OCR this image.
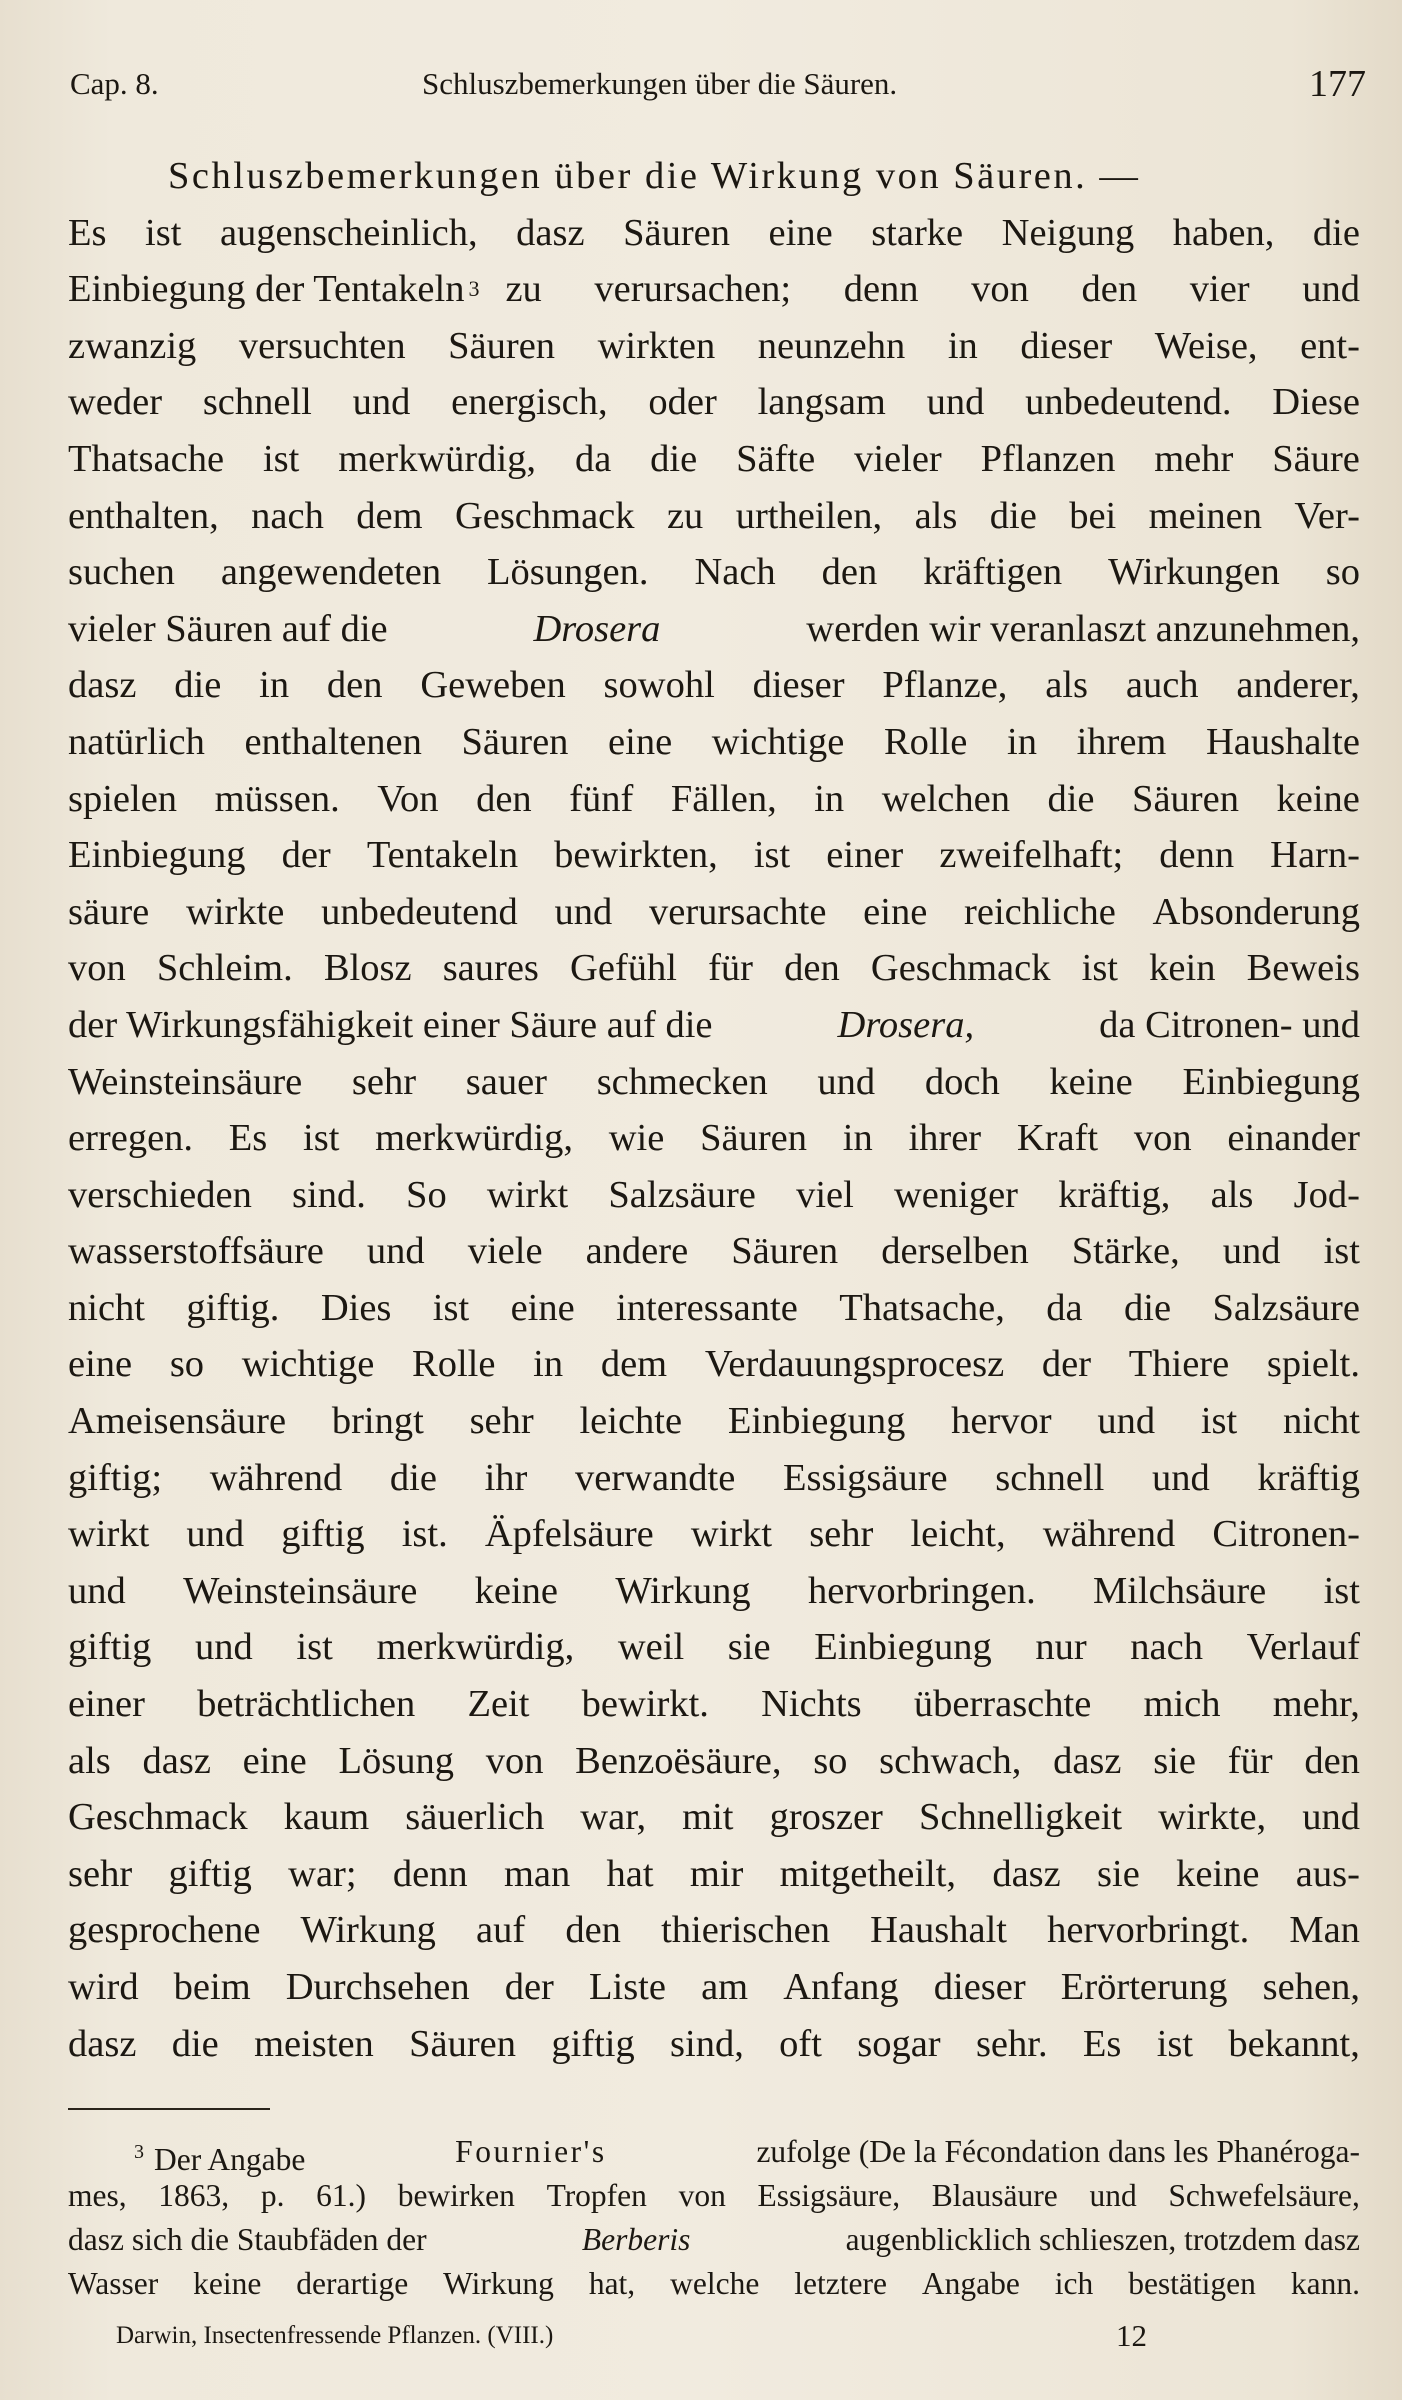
Cap. 8.	Schluszbemerkungen über die Säuren.	177
Schluszbemerkungen über die Wirkung von Säuren. —
Es ist augenscheinlich, dasz Säuren eine starke Neigung haben, die
Einbiegung der Tentakeln 3 zu verursachen; denn von den vier und
zwanzig versuchten Säuren wirkten neunzehn in dieser Weise, ent-
weder schnell und energisch, oder langsam und unbedeutend. Diese
Thatsache ist merkwürdig, da die Säfte vieler Pflanzen mehr Säure
enthalten, nach dem Geschmack zu urtheilen, als die bei meinen Ver-
suchen angewendeten Lösungen. Nach den kräftigen Wirkungen so
vieler Säuren auf die	Drosera	werden wir veranlaszt anzunehmen,
dasz die in den Geweben sowohl dieser Pflanze, als auch anderer,
natürlich enthaltenen Säuren eine wichtige Rolle in ihrem Haushalte
spielen müssen. Von den fünf Fällen, in welchen die Säuren keine
Einbiegung der Tentakeln bewirkten, ist einer zweifelhaft; denn Harn-
säure wirkte unbedeutend und verursachte eine reichliche Absonderung
von Schleim. Blosz saures Gefühl für den Geschmack ist kein Beweis
der Wirkungsfähigkeit einer Säure auf die	Drosera,	da Citronen- und
Weinsteinsäure sehr sauer schmecken und doch keine Einbiegung
erregen. Es ist merkwürdig, wie Säuren in ihrer Kraft von einander
verschieden sind. So wirkt Salzsäure viel weniger kräftig, als Jod-
wasserstoffsäure und viele andere Säuren derselben Stärke, und ist
nicht giftig. Dies ist eine interessante Thatsache, da die Salzsäure
eine so wichtige Rolle in dem Verdauungsprocesz der Thiere spielt.
Ameisensäure bringt sehr leichte Einbiegung hervor und ist nicht
giftig; während die ihr verwandte Essigsäure schnell und kräftig
wirkt und giftig ist. Äpfelsäure wirkt sehr leicht, während Citronen-
und Weinsteinsäure keine Wirkung hervorbringen. Milchsäure ist
giftig und ist merkwürdig, weil sie Einbiegung nur nach Verlauf
einer beträchtlichen Zeit bewirkt. Nichts überraschte mich mehr,
als dasz eine Lösung von Benzoësäure, so schwach, dasz sie für den
Geschmack kaum säuerlich war, mit groszer Schnelligkeit wirkte, und
sehr giftig war; denn man hat mir mitgetheilt, dasz sie keine aus-
gesprochene Wirkung auf den thierischen Haushalt hervorbringt. Man
wird beim Durchsehen der Liste am Anfang dieser Erörterung sehen,
dasz die meisten Säuren giftig sind, oft sogar sehr. Es ist bekannt,
$^3$ Der Angabe	Fournier's	zufolge (De la Fécondation dans les Phanéroga-
mes, 1863, p. 61.) bewirken Tropfen von Essigsäure, Blausäure und Schwefelsäure,
dasz sich die Staubfäden der	Berberis	augenblicklich schlieszen, trotzdem dasz
Wasser keine derartige Wirkung hat, welche letztere Angabe ich bestätigen kann.
Darwin, Insectenfressende Pflanzen. (VIII.)	12
